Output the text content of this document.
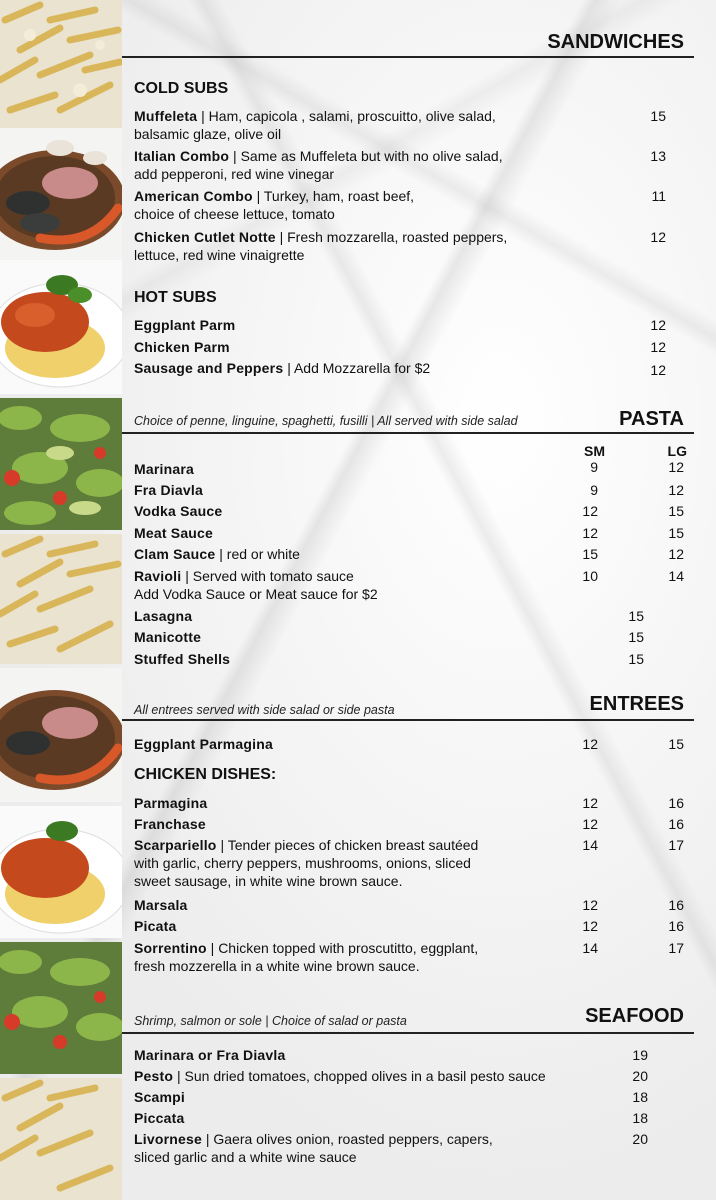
SANDWICHES
COLD SUBS
Muffeleta | Ham, capicola , salami, proscuitto, olive salad,
balsamic glaze, olive oil
15
Italian Combo | Same as Muffeleta but with no olive salad,
add pepperoni, red wine vinegar
13
American Combo | Turkey, ham, roast beef,
choice of cheese lettuce, tomato
11
Chicken Cutlet Notte | Fresh mozzarella, roasted peppers,
lettuce, red wine vinaigrette
12
HOT SUBS
Eggplant Parm	12
Chicken Parm	12
Sausage and Peppers | Add Mozzarella for $2	12
Choice of penne, linguine, spaghetti, fusilli | All served with side salad	PASTA
SM	LG
Marinara	9	12
Fra Diavla	9	12
Vodka Sauce	12	15
Meat Sauce	12	15
Clam Sauce | red or white	15	12
Ravioli | Served with tomato sauce
Add Vodka Sauce or Meat sauce for $2
10	14
Lasagna	15
Manicotte	15
Stuffed Shells	15
All entrees served with side salad or side pasta	ENTREES
Eggplant Parmagina	12	15
CHICKEN DISHES:
Parmagina	12	16
Franchase	12	16
Scarpariello | Tender pieces of chicken breast sautéed
with garlic, cherry peppers, mushrooms, onions, sliced
sweet sausage, in white wine brown sauce.
14	17
Marsala	12	16
Picata	12	16
Sorrentino | Chicken topped with proscutitto, eggplant,
fresh mozzerella in a white wine brown sauce.
14	17
Shrimp, salmon or sole | Choice of salad or pasta	SEAFOOD
Marinara or Fra Diavla	19
Pesto | Sun dried tomatoes, chopped olives in a basil pesto sauce	20
Scampi	18
Piccata	18
Livornese | Gaera olives onion, roasted peppers, capers,
sliced garlic and a white wine sauce
20
